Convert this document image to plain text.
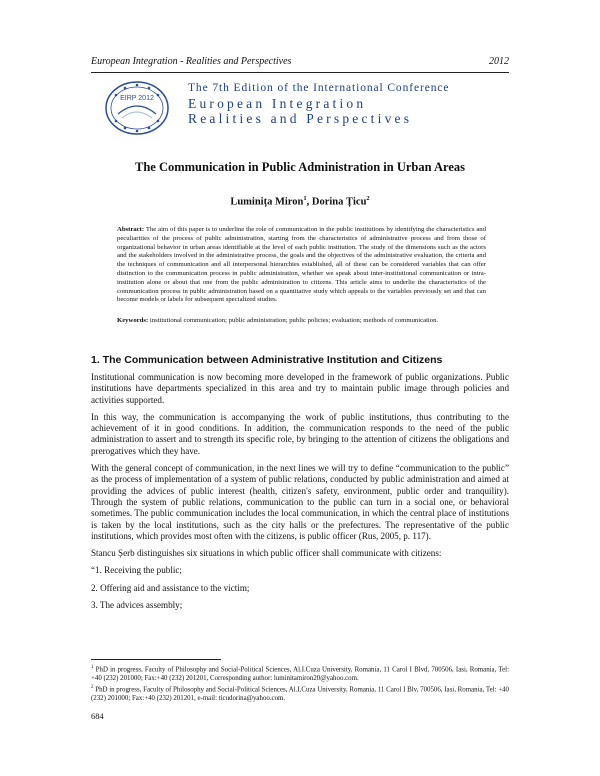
European Integration - Realities and Perspectives	2012
EIRP 2012
The 7th Edition of the International Conference
European Integration
Realities and Perspectives
The Communication in Public Administration in Urban Areas
Luminița Miron$^1$, Dorina Țicu$^2$
Abstract: The aim of this paper is to underline the role of communication in the public institutions by identifying the characteristics and peculiarities of the process of public administration, starting from the characteristics of administrative process and from those of organizational behavior in urban areas identifiable at the level of each public institution. The study of the dimensions such as the actors and the stakeholders involved in the administrative process, the goals and the objectives of the administrative evaluation, the criteria and the techniques of communication and all interpersonal hierarchies established, all of these can be considered variables that can offer distinction to the communication process in public administration, whether we speak about inter-institutional communication or intra-institution alone or about that one from the public administration to citizens. This article aims to underlie the characteristics of the communication process in public administration based on a quantitative study which appeals to the variables previously set and that can become models or labels for subsequent specialized studies.
Keywords: institutional communication; public administration; public policies; evaluation; methods of communication.
1. The Communication between Administrative Institution and Citizens

Institutional communication is now becoming more developed in the framework of public organizations. Public institutions have departments specialized in this area and try to maintain public image through policies and activities supported.

In this way, the communication is accompanying the work of public institutions, thus contributing to the achievement of it in good conditions. In addition, the communication responds to the need of the public administration to assert and to strength its specific role, by bringing to the attention of citizens the obligations and prerogatives which they have.

With the general concept of communication, in the next lines we will try to define “communication to the public” as the process of implementation of a system of public relations, conducted by public administration and aimed at providing the advices of public interest (health, citizen's safety, environment, public order and tranquility). Through the system of public relations, communication to the public can turn in a social one, or behavioral sometimes. The public communication includes the local communication, in which the central place of institutions is taken by the local institutions, such as the city halls or the prefectures. The representative of the public institutions, which provides most often with the citizens, is public officer (Rus, 2005, p. 117).

Stancu Șerb distinguishes six situations in which public officer shall communicate with citizens:

“1. Receiving the public;

2. Offering aid and assistance to the victim;

3. The advices assembly;

$^1$ PhD in progress, Faculty of Philosophy and Social-Political Sciences, Al.I.Cuza University, Romania, 11 Carol I Blvd, 700506, Iasi, Romania, Tel: +40 (232) 201000; Fax:+40 (232) 201201, Corresponding author: luminitamiron20@yahoo.com.

$^2$ PhD in progress, Faculty of Philosophy and Social-Political Sciences, Al.I.Cuza University, Romania, 11 Carol I Blv, 700506, Iasi, Romania, Tel: +40 (232) 201000; Fax:+40 (232) 201201, e-mail: ticudorina@yahoo.com.

684
